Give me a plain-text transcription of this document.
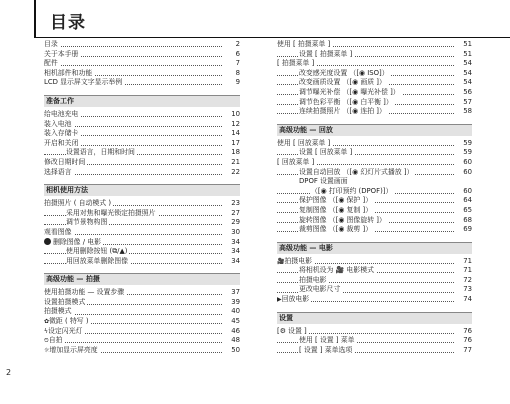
目录
2
目录	2
关于本手册	6
配件	7
相机部件和功能	8
LCD 显示屏文字显示举例	9
准备工作
给电池充电	10
装入电池	12
装入存储卡	14
开启和关闭	17
设置语言，日期和时间	18
修改日期时间	21
选择语言	22
相机使用方法
拍摄照片 ( 自动模式 )	23
采用对焦和曝光锁定拍摄照片	27
调节景物构图	29
观看图像	30
删除图像 / 电影	34
使用删除按钮 (⧉/▲)	34
用回放菜单删除图像	34
高级功能 — 拍摄
使用拍摄功能 — 设置步骤	37
设置拍摄模式	39
拍摄模式	40
✿微距 ( 特写 )	45
ϟ设定闪光灯	46
⏲自拍	48
☼增加显示屏亮度	50
使用 [ 拍摄菜单 ]	51
设置 [ 拍摄菜单 ]	51
[ 拍摄菜单 ]	54
改变感光度设置 （[◉ ISO]）	54
改变画质设置 （[◉ 画质 ]）	54
调节曝光补偿 （[◉ 曝光补偿 ]）	56
调节色彩平衡 （[◉ 白平衡 ]）	57
连续拍摄照片 （[◉ 连拍 ]）	58
高级功能 — 回放
使用 [ 回放菜单 ]	59
设置 [ 回放菜单 ]	59
[ 回放菜单 ]	60
设置自动回放 （[◉ 幻灯片式播放 ]）	60
DPOF 设置画面
（[◉ 打印预约 (DPOF)]）	60
保护图像 （[◉ 保护 ]）	64
复制图像 （[◉ 复制 ]）	65
旋转图像 （[◉ 图像旋转 ]）	68
裁剪图像 （[◉ 裁剪 ]）	69
高级功能 — 电影
🎥拍摄电影	71
将相机设为 🎥 电影模式	71
拍摄电影	72
更改电影尺寸	73
▶回放电影	74
设置
[⚙ 设置 ]	76
使用 [ 设置 ] 菜单	76
[ 设置 ] 菜单选项	77
